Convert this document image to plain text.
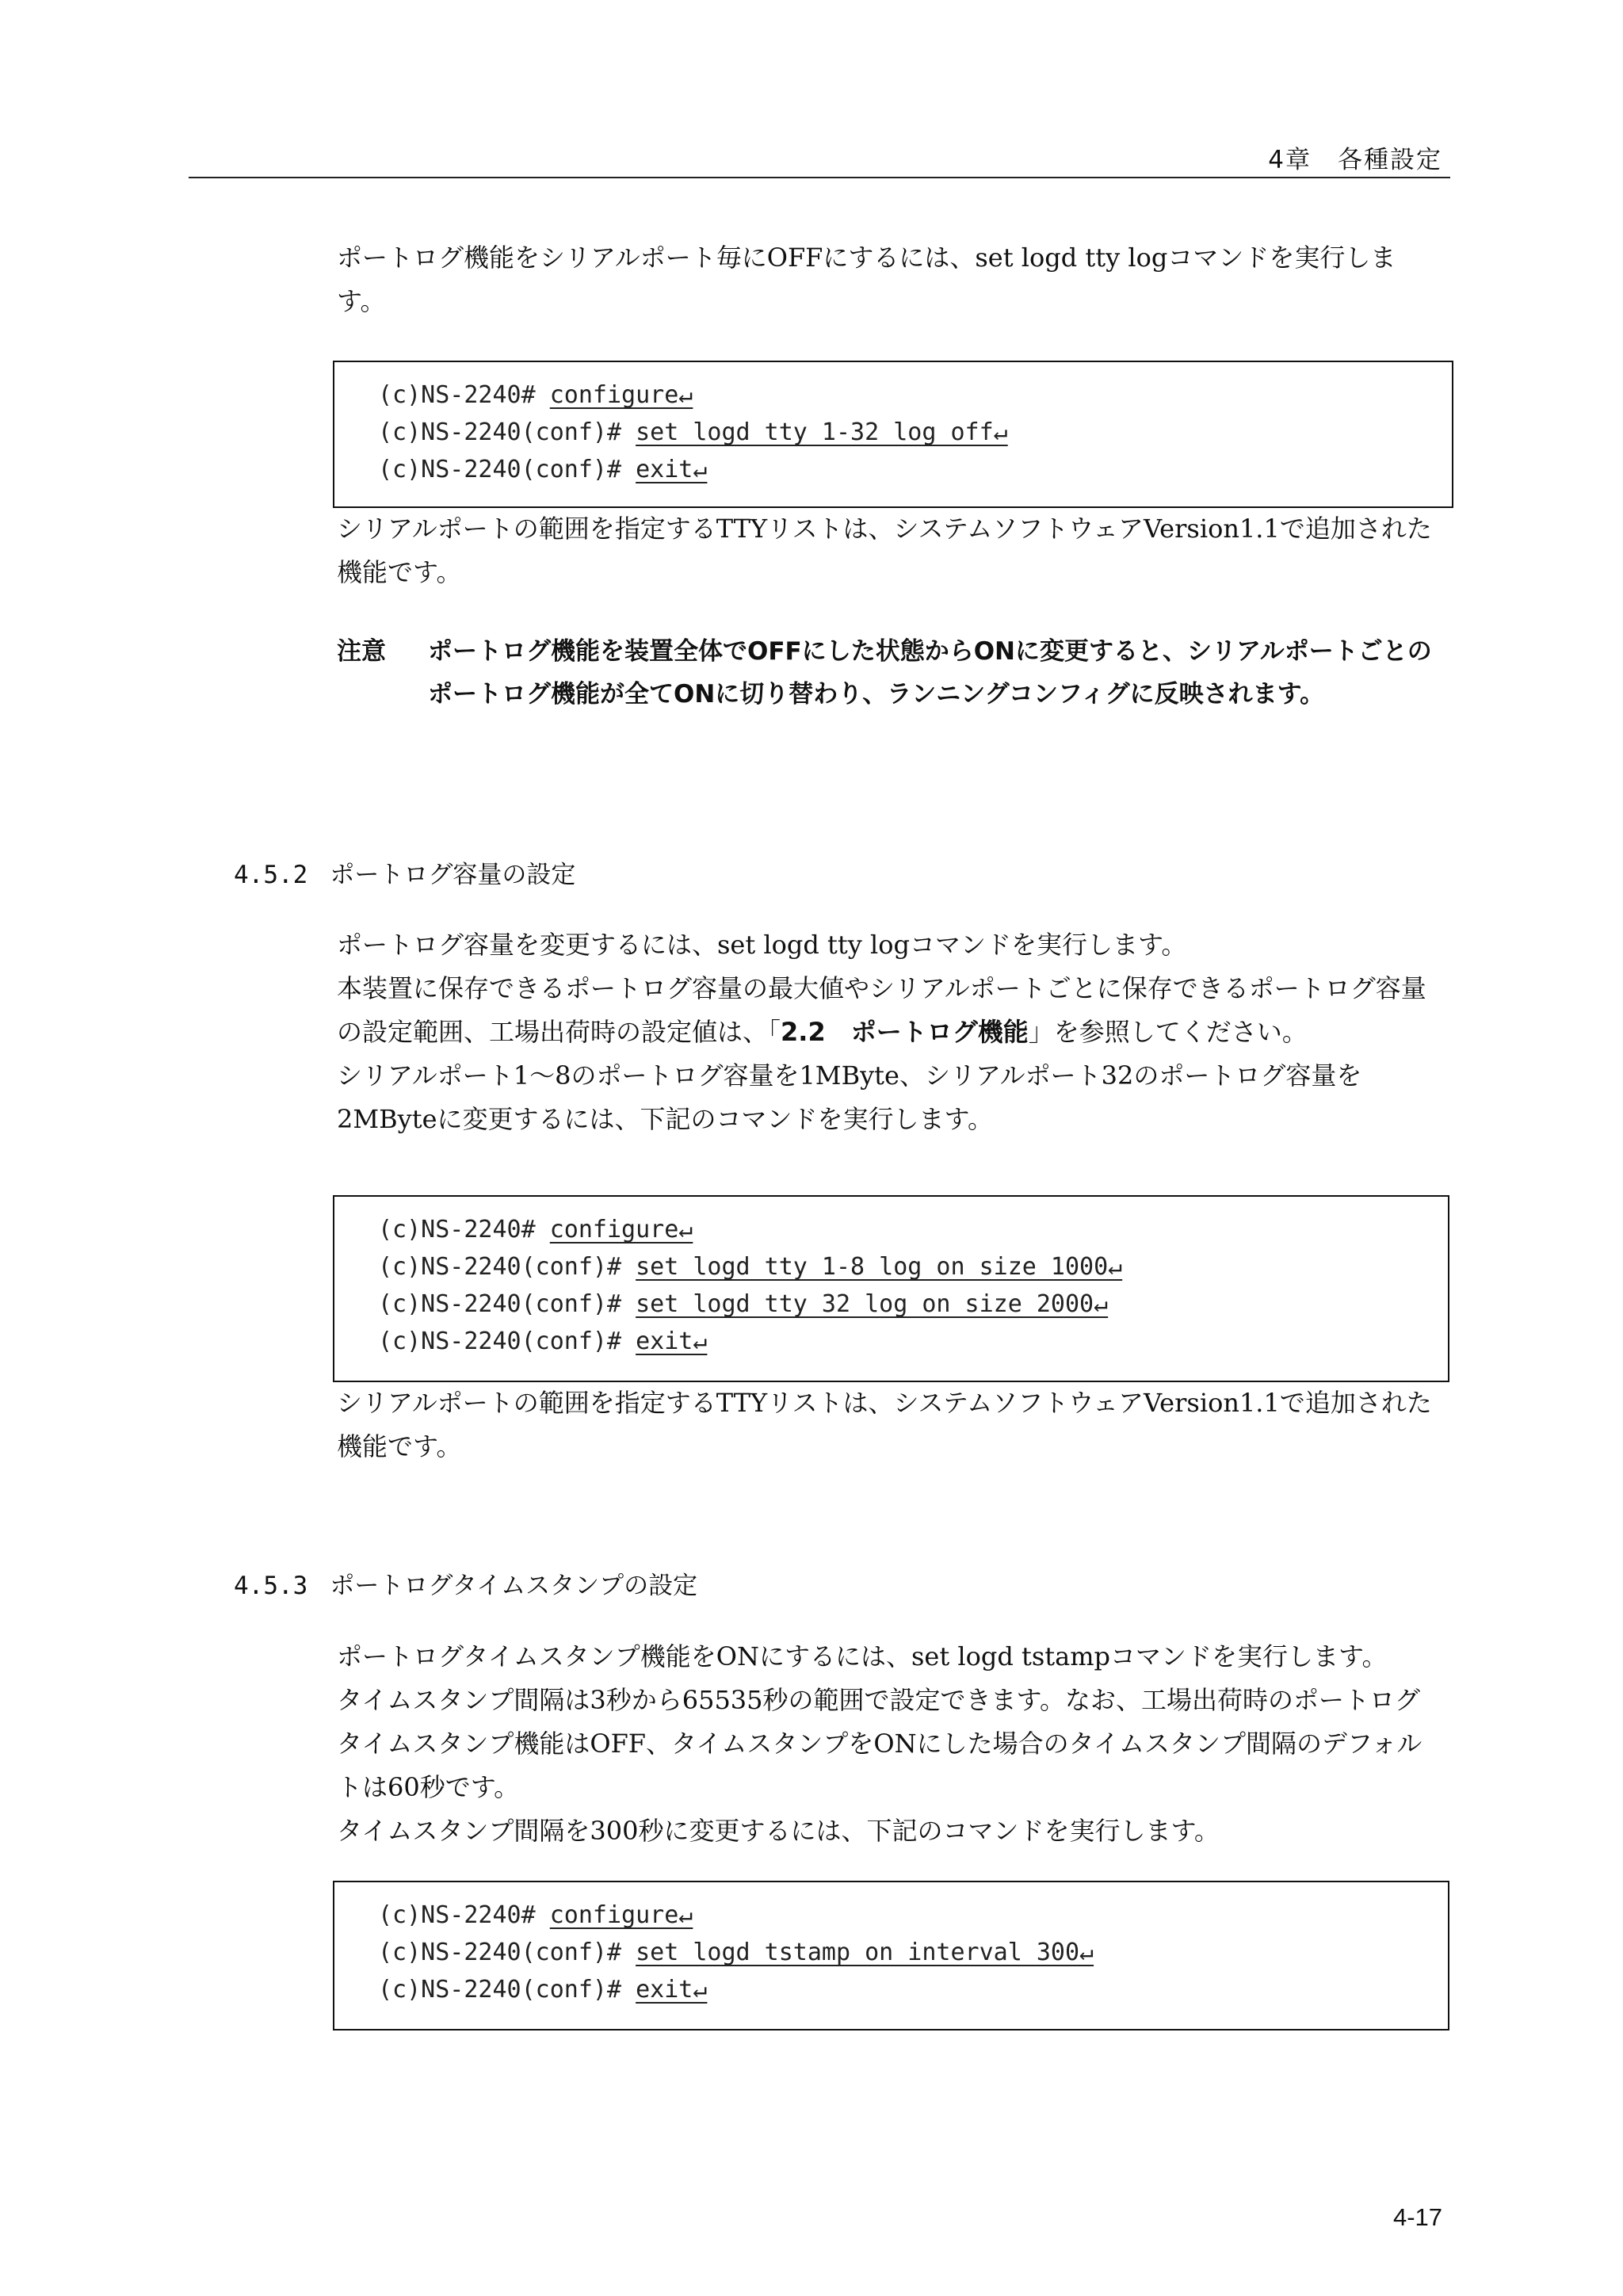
4章　各種設定

ポートログ機能をシリアルポート毎にOFFにするには、set logd tty logコマンドを実行します。

(c)NS-2240# configure↵
(c)NS-2240(conf)# set logd tty 1-32 log off↵
(c)NS-2240(conf)# exit↵

シリアルポートの範囲を指定するTTYリストは、システムソフトウェアVersion1.1で追加された機能です。

注意 ポートログ機能を装置全体でOFFにした状態からONに変更すると、シリアルポートごとのポートログ機能が全てONに切り替わり、ランニングコンフィグに反映されます。
4.5.2 ポートログ容量の設定

ポートログ容量を変更するには、set logd tty logコマンドを実行します。

本装置に保存できるポートログ容量の最大値やシリアルポートごとに保存できるポートログ容量の設定範囲、工場出荷時の設定値は、「2.2　ポートログ機能」を参照してください。

シリアルポート1～8のポートログ容量を1MByte、シリアルポート32のポートログ容量を2MByteに変更するには、下記のコマンドを実行します。

(c)NS-2240# configure↵
(c)NS-2240(conf)# set logd tty 1-8 log on size 1000↵
(c)NS-2240(conf)# set logd tty 32 log on size 2000↵
(c)NS-2240(conf)# exit↵

シリアルポートの範囲を指定するTTYリストは、システムソフトウェアVersion1.1で追加された機能です。

4.5.3 ポートログタイムスタンプの設定

ポートログタイムスタンプ機能をONにするには、set logd tstampコマンドを実行します。

タイムスタンプ間隔は3秒から65535秒の範囲で設定できます。なお、工場出荷時のポートログタイムスタンプ機能はOFF、タイムスタンプをONにした場合のタイムスタンプ間隔のデフォルトは60秒です。

タイムスタンプ間隔を300秒に変更するには、下記のコマンドを実行します。

(c)NS-2240# configure↵
(c)NS-2240(conf)# set logd tstamp on interval 300↵
(c)NS-2240(conf)# exit↵
4-17
